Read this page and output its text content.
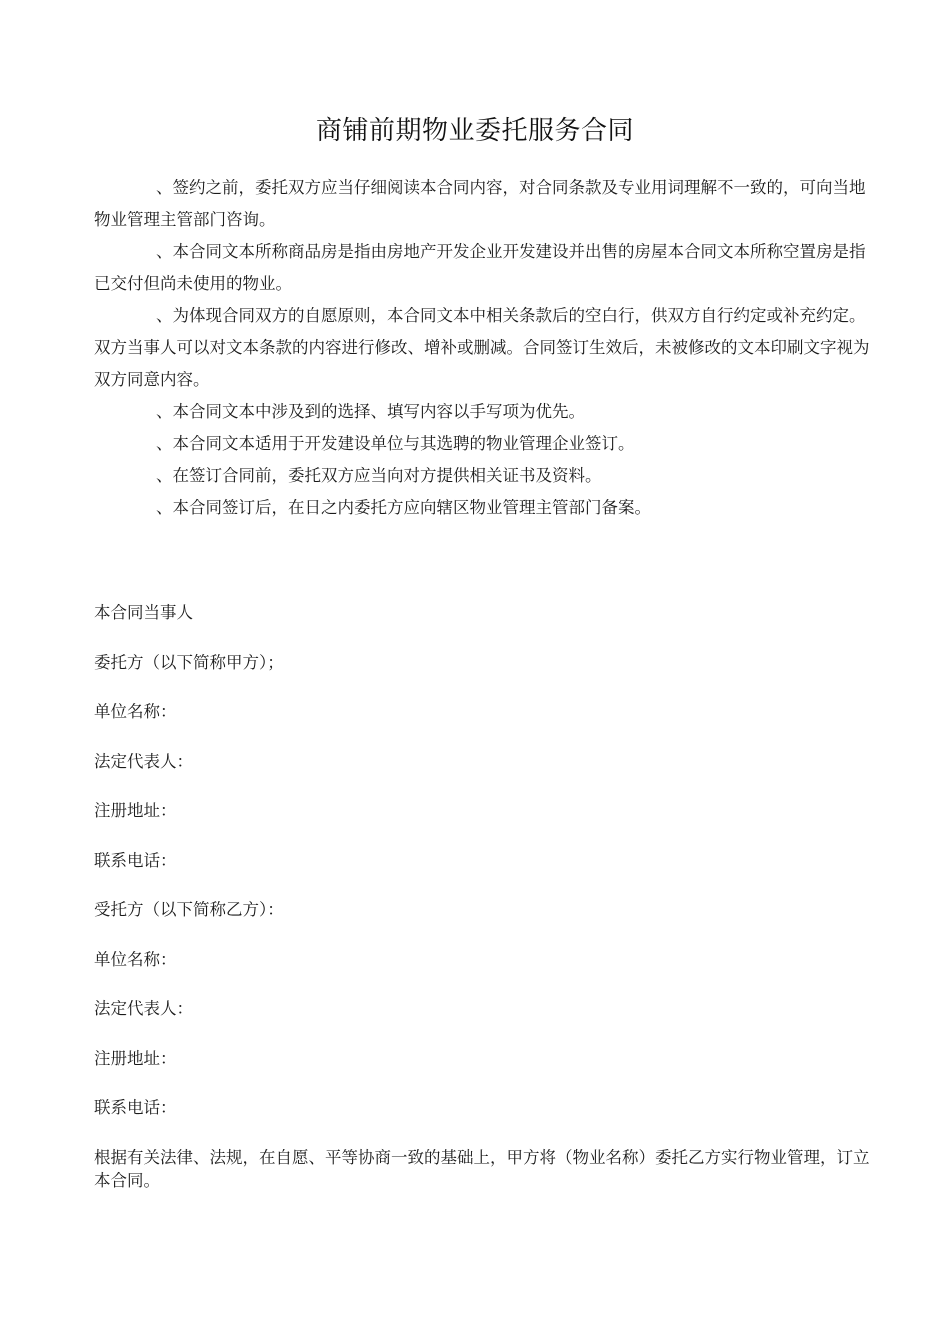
商铺前期物业委托服务合同

、签约之前，委托双方应当仔细阅读本合同内容，对合同条款及专业用词理解不一致的，可向当地物业管理主管部门咨询。

、本合同文本所称商品房是指由房地产开发企业开发建设并出售的房屋本合同文本所称空置房是指已交付但尚未使用的物业。

、为体现合同双方的自愿原则，本合同文本中相关条款后的空白行，供双方自行约定或补充约定。双方当事人可以对文本条款的内容进行修改、增补或删减。合同签订生效后，未被修改的文本印刷文字视为双方同意内容。

、本合同文本中涉及到的选择、填写内容以手写项为优先。

、本合同文本适用于开发建设单位与其选聘的物业管理企业签订。

、在签订合同前，委托双方应当向对方提供相关证书及资料。

、本合同签订后，在日之内委托方应向辖区物业管理主管部门备案。

本合同当事人

委托方（以下简称甲方）；

单位名称：

法定代表人：

注册地址：

联系电话：

受托方（以下简称乙方）：

单位名称：

法定代表人：

注册地址：

联系电话：

根据有关法律、法规，在自愿、平等协商一致的基础上，甲方将（物业名称）委托乙方实行物业管理，订立本合同。
